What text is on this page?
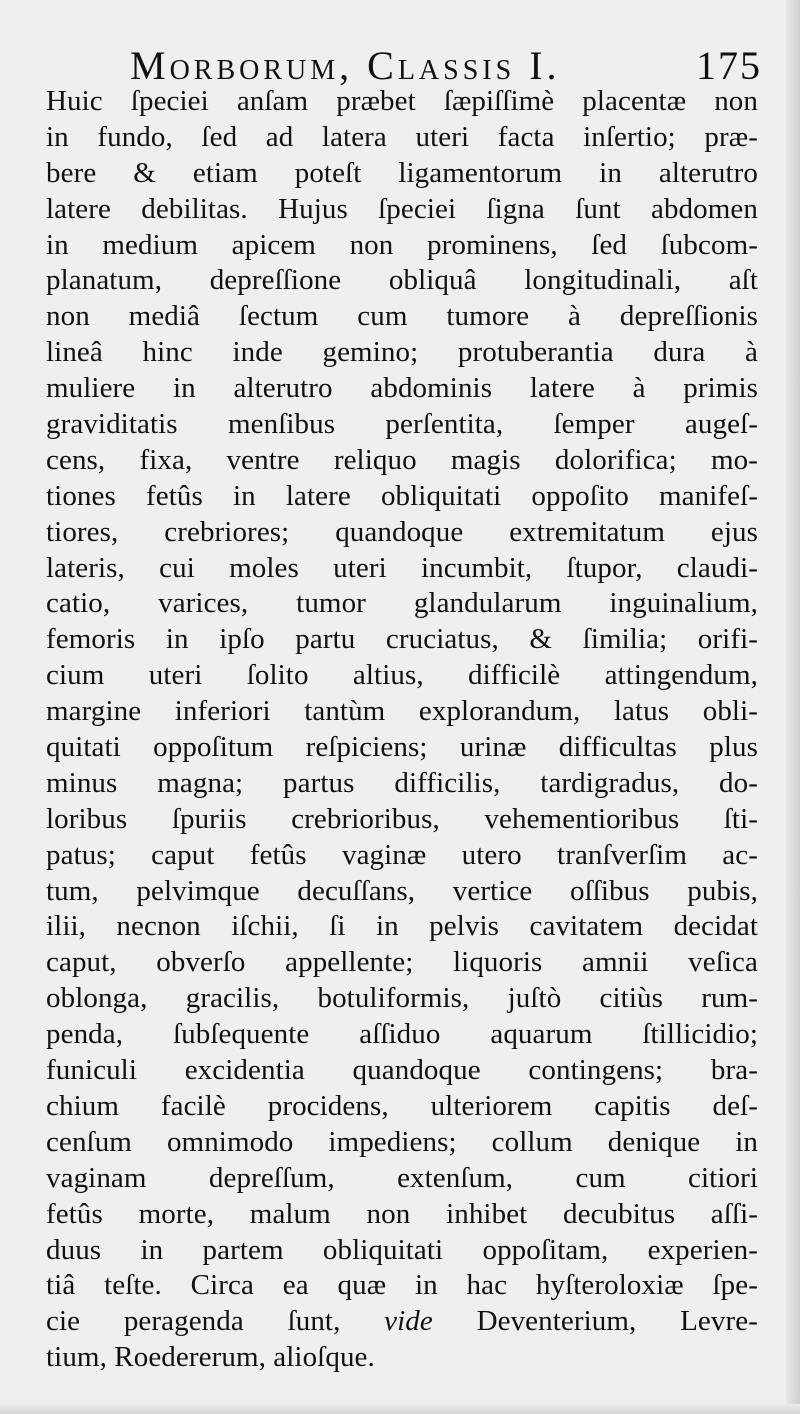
Morborum, Classis I.	175
Huic ſpeciei anſam præbet ſæpiſſimè placentæ non
in fundo, ſed ad latera uteri facta inſertio; præ-
bere & etiam poteſt ligamentorum in alterutro
latere debilitas. Hujus ſpeciei ſigna ſunt abdomen
in medium apicem non prominens, ſed ſubcom-
planatum, depreſſione obliquâ longitudinali, aſt
non mediâ ſectum cum tumore à depreſſionis
lineâ hinc inde gemino; protuberantia dura à
muliere in alterutro abdominis latere à primis
graviditatis menſibus perſentita, ſemper augeſ-
cens, fixa, ventre reliquo magis dolorifica; mo-
tiones fetûs in latere obliquitati oppoſito manifeſ-
tiores, crebriores; quandoque extremitatum ejus
lateris, cui moles uteri incumbit, ſtupor, claudi-
catio, varices, tumor glandularum inguinalium,
femoris in ipſo partu cruciatus, & ſimilia; orifi-
cium uteri ſolito altius, difficilè attingendum,
margine inferiori tantùm explorandum, latus obli-
quitati oppoſitum reſpiciens; urinæ difficultas plus
minus magna; partus difficilis, tardigradus, do-
loribus ſpuriis crebrioribus, vehementioribus ſti-
patus; caput fetûs vaginæ utero tranſverſim ac-
tum, pelvimque decuſſans, vertice oſſibus pubis,
ilii, necnon iſchii, ſi in pelvis cavitatem decidat
caput, obverſo appellente; liquoris amnii veſica
oblonga, gracilis, botuliformis, juſtò citiùs rum-
penda, ſubſequente aſſiduo aquarum ſtillicidio;
funiculi excidentia quandoque contingens; bra-
chium facilè procidens, ulteriorem capitis deſ-
cenſum omnimodo impediens; collum denique in
vaginam depreſſum, extenſum, cum citiori
fetûs morte, malum non inhibet decubitus aſſi-
duus in partem obliquitati oppoſitam, experien-
tiâ teſte. Circa ea quæ in hac hyſteroloxiæ ſpe-
cie peragenda ſunt, vide Deventerium, Levre-
tium, Roedererum, alioſque.
